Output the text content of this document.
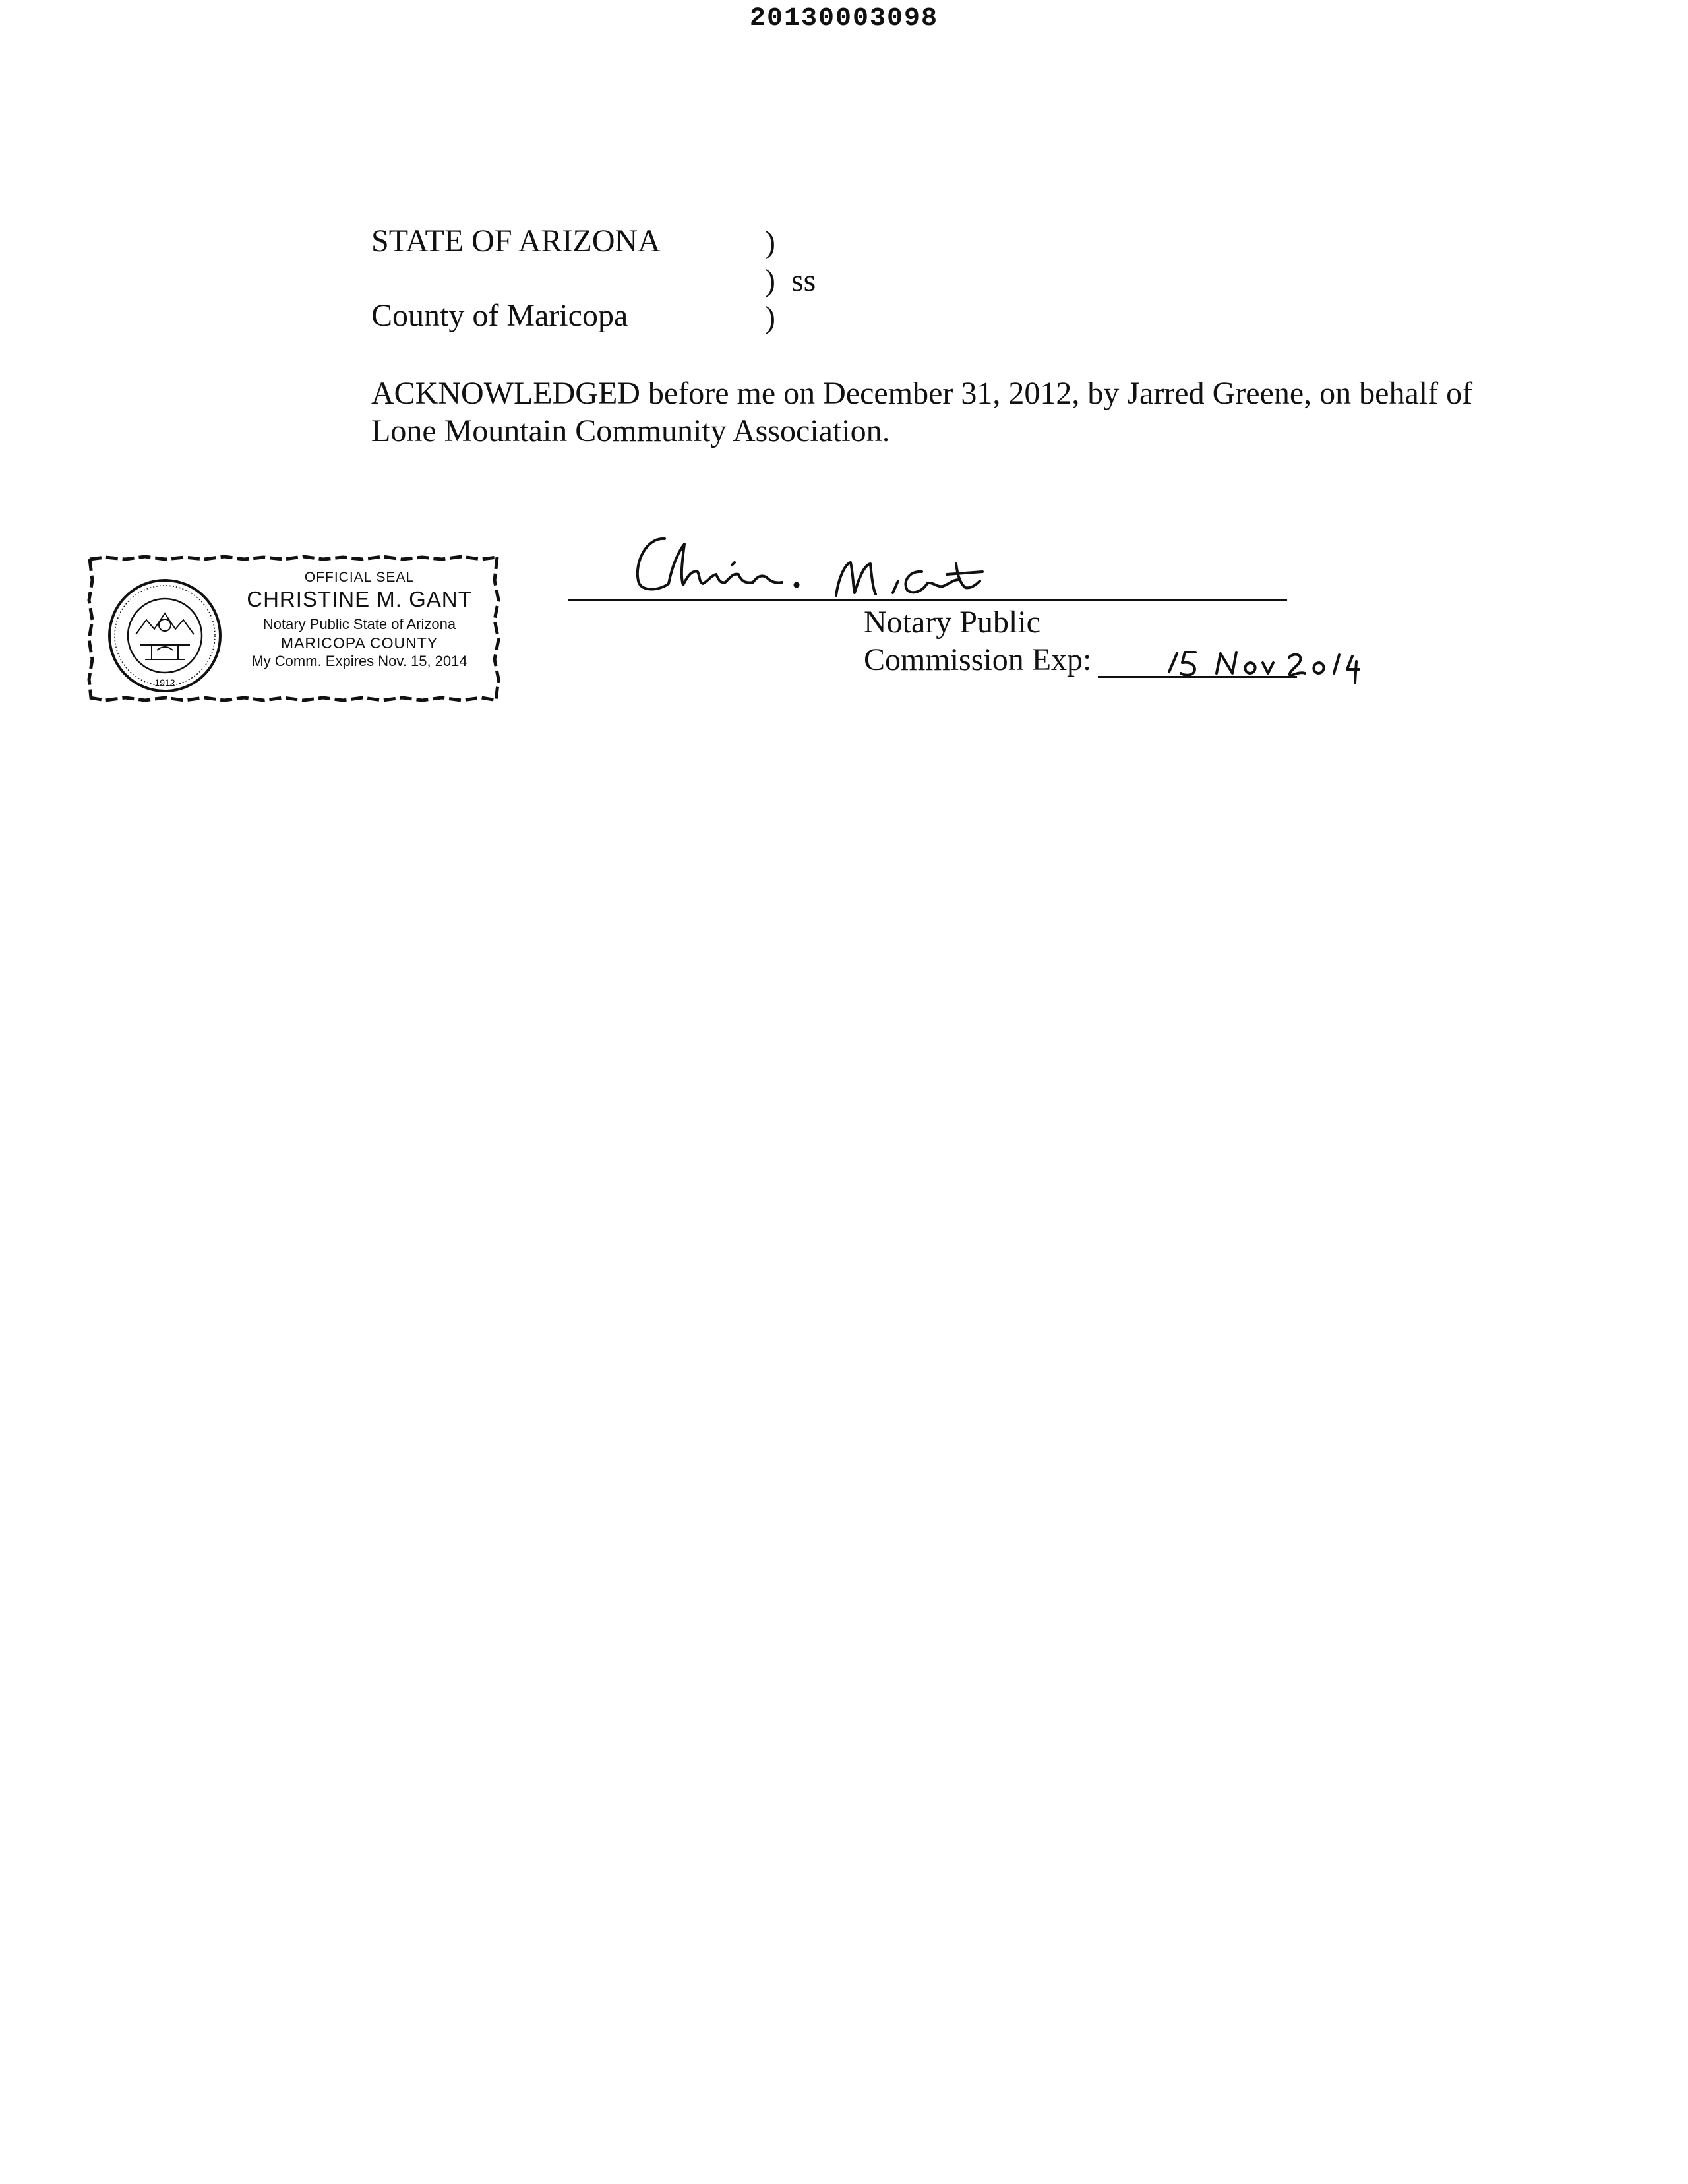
20130003098
STATE OF ARIZONA	)
) ss
County of Maricopa	)
ACKNOWLEDGED before me on December 31, 2012, by Jarred Greene, on behalf of
Lone Mountain Community Association.
1912
OFFICIAL SEAL
CHRISTINE M. GANT
Notary Public State of Arizona
MARICOPA COUNTY
My Comm. Expires Nov. 15, 2014
Notary Public
Commission Exp:
